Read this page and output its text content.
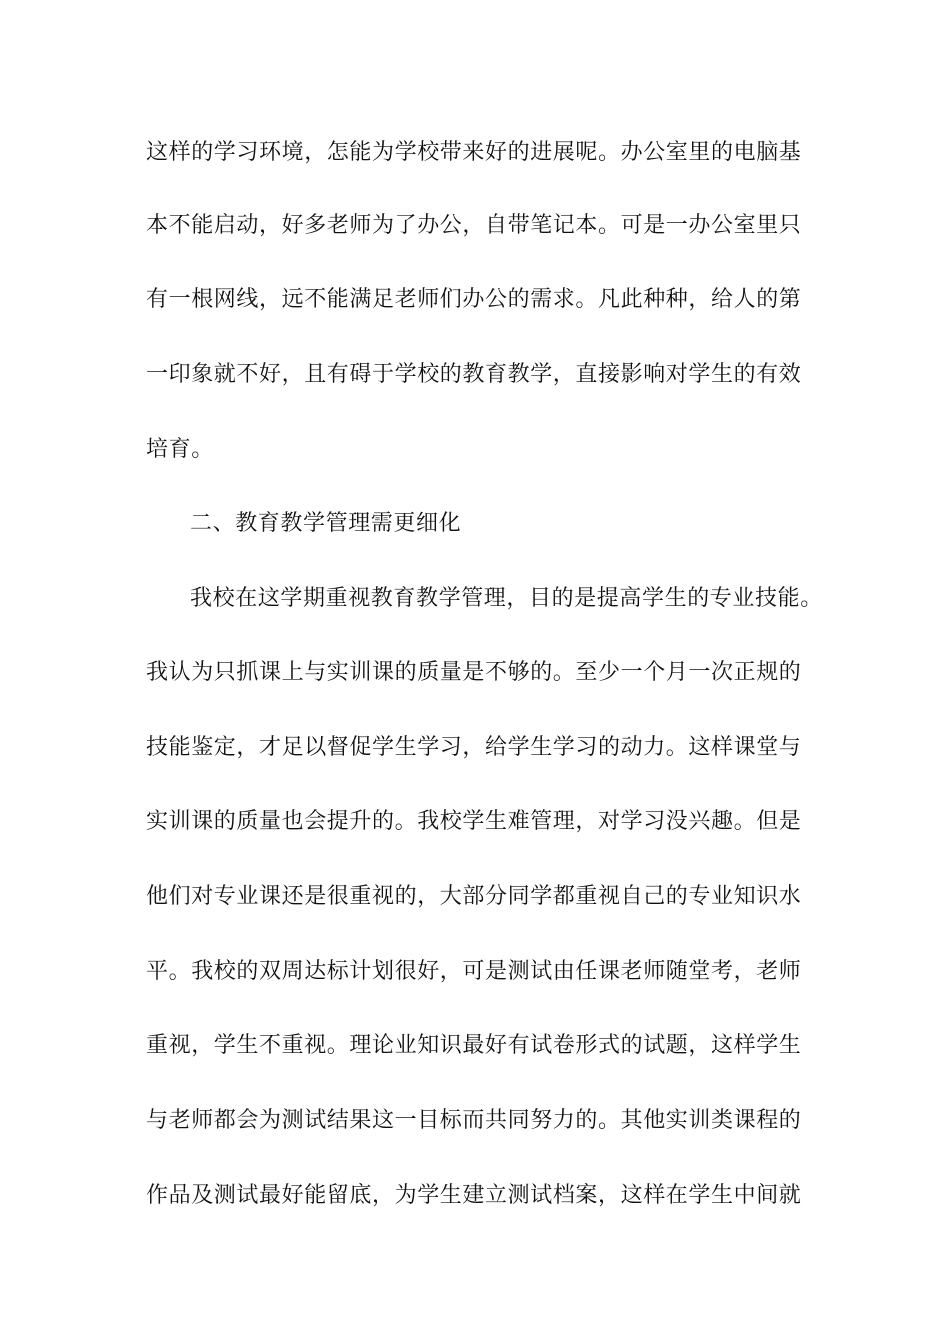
这样的学习环境，怎能为学校带来好的进展呢。办公室里的电脑基
本不能启动，好多老师为了办公，自带笔记本。可是一办公室里只
有一根网线，远不能满足老师们办公的需求。凡此种种，给人的第
一印象就不好，且有碍于学校的教育教学，直接影响对学生的有效
培育。
二、教育教学管理需更细化
我校在这学期重视教育教学管理，目的是提高学生的专业技能。
我认为只抓课上与实训课的质量是不够的。至少一个月一次正规的
技能鉴定，才足以督促学生学习，给学生学习的动力。这样课堂与
实训课的质量也会提升的。我校学生难管理，对学习没兴趣。但是
他们对专业课还是很重视的，大部分同学都重视自己的专业知识水
平。我校的双周达标计划很好，可是测试由任课老师随堂考，老师
重视，学生不重视。理论业知识最好有试卷形式的试题，这样学生
与老师都会为测试结果这一目标而共同努力的。其他实训类课程的
作品及测试最好能留底，为学生建立测试档案，这样在学生中间就
